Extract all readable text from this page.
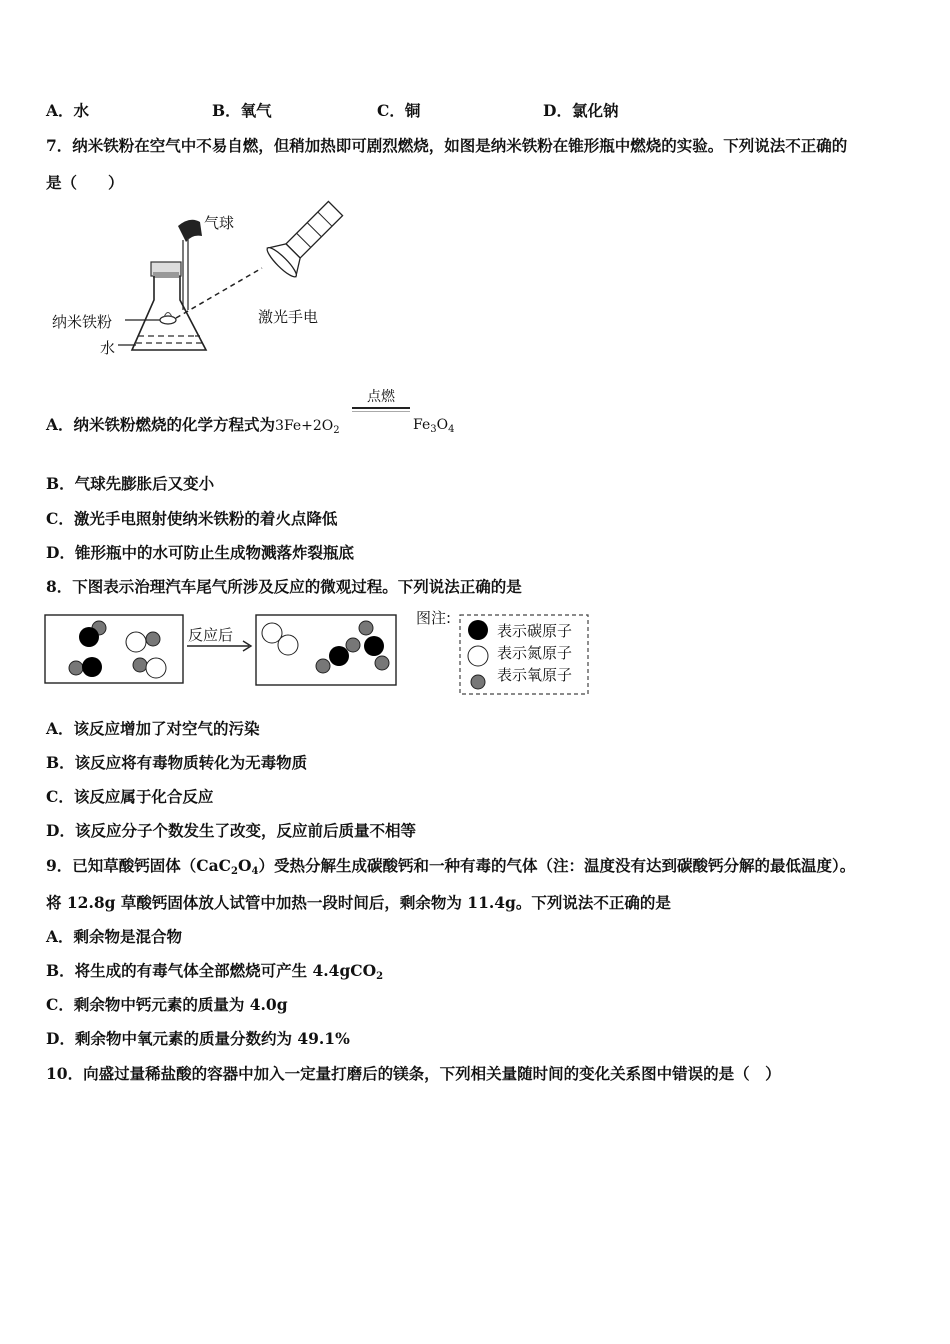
A．水	B．氧气	C．铜	D．氯化钠
7．纳米铁粉在空气中不易自燃，但稍加热即可剧烈燃烧，如图是纳米铁粉在锥形瓶中燃烧的实验。下列说法不正确的
是（　　）
气球
纳米铁粉
水
激光手电
A．纳米铁粉燃烧的化学方程式为$3Fe+2O_2$
点燃
$Fe_3O_4$
B．气球先膨胀后又变小
C．激光手电照射使纳米铁粉的着火点降低
D．锥形瓶中的水可防止生成物溅落炸裂瓶底
8．下图表示治理汽车尾气所涉及反应的微观过程。下列说法正确的是
反应后
图注:
表示碳原子
表示氮原子
表示氧原子
A．该反应增加了对空气的污染
B．该反应将有毒物质转化为无毒物质
C．该反应属于化合反应
D．该反应分子个数发生了改变，反应前后质量不相等
9．已知草酸钙固体$(CaC_2O_4)$受热分解生成碳酸钙和一种有毒的气体（注：温度没有达到碳酸钙分解的最低温度）。
将 12.8g 草酸钙固体放人试管中加热一段时间后，剩余物为 11.4g。下列说法不正确的是
A．剩余物是混合物
B．将生成的有毒气体全部燃烧可产生 4.4gCO$_2$
C．剩余物中钙元素的质量为 4.0g
D．剩余物中氧元素的质量分数约为 49.1%
10．向盛过量稀盐酸的容器中加入一定量打磨后的镁条，下列相关量随时间的变化关系图中错误的是（　）
